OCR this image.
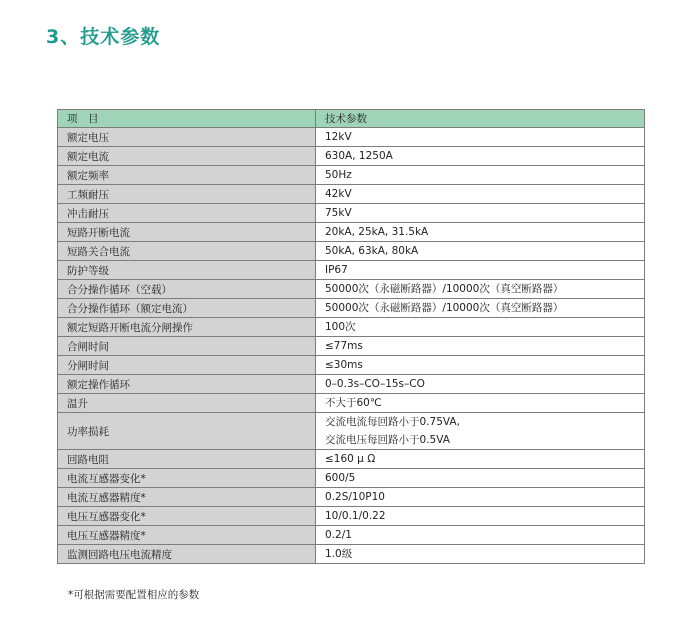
3、技术参数
项　目	技术参数
额定电压	12kV

额定电流	630A, 1250A

额定频率	50Hz

工频耐压	42kV

冲击耐压	75kV

短路开断电流	20kA, 25kA, 31.5kA

短路关合电流	50kA, 63kA, 80kA

防护等级	IP67

合分操作循环（空载）	50000次（永磁断路器）/10000次（真空断路器）

合分操作循环（额定电流）	50000次（永磁断路器）/10000次（真空断路器）

额定短路开断电流分闸操作	100次

合闸时间	≤77ms

分闸时间	≤30ms

额定操作循环	0–0.3s–CO–15s–CO

温升	不大于60℃

功率损耗	交流电流每回路小于0.75VA,
交流电压每回路小于0.5VA

回路电阻	≤160 μ Ω

电流互感器变化*	600/5

电流互感器精度*	0.2S/10P10

电压互感器变化*	10/0.1/0.22

电压互感器精度*	0.2/1

监测回路电压电流精度	1.0级
*可根据需要配置相应的参数
